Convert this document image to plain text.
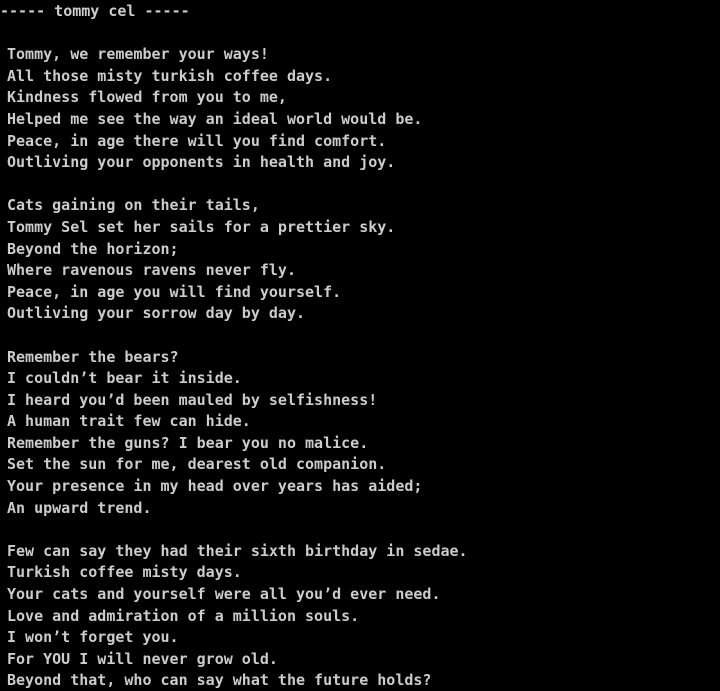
----- tommy cel -----
Tommy, we remember your ways!
All those misty turkish coffee days.
Kindness flowed from you to me,
Helped me see the way an ideal world would be.
Peace, in age there will you find comfort.
Outliving your opponents in health and joy.
Cats gaining on their tails,
Tommy Sel set her sails for a prettier sky.
Beyond the horizon;
Where ravenous ravens never fly.
Peace, in age you will find yourself.
Outliving your sorrow day by day.
Remember the bears?
I couldn’t bear it inside.
I heard you’d been mauled by selfishness!
A human trait few can hide.
Remember the guns? I bear you no malice.
Set the sun for me, dearest old companion.
Your presence in my head over years has aided;
An upward trend.
Few can say they had their sixth birthday in sedae.
Turkish coffee misty days.
Your cats and yourself were all you’d ever need.
Love and admiration of a million souls.
I won’t forget you.
For YOU I will never grow old.
Beyond that, who can say what the future holds?
